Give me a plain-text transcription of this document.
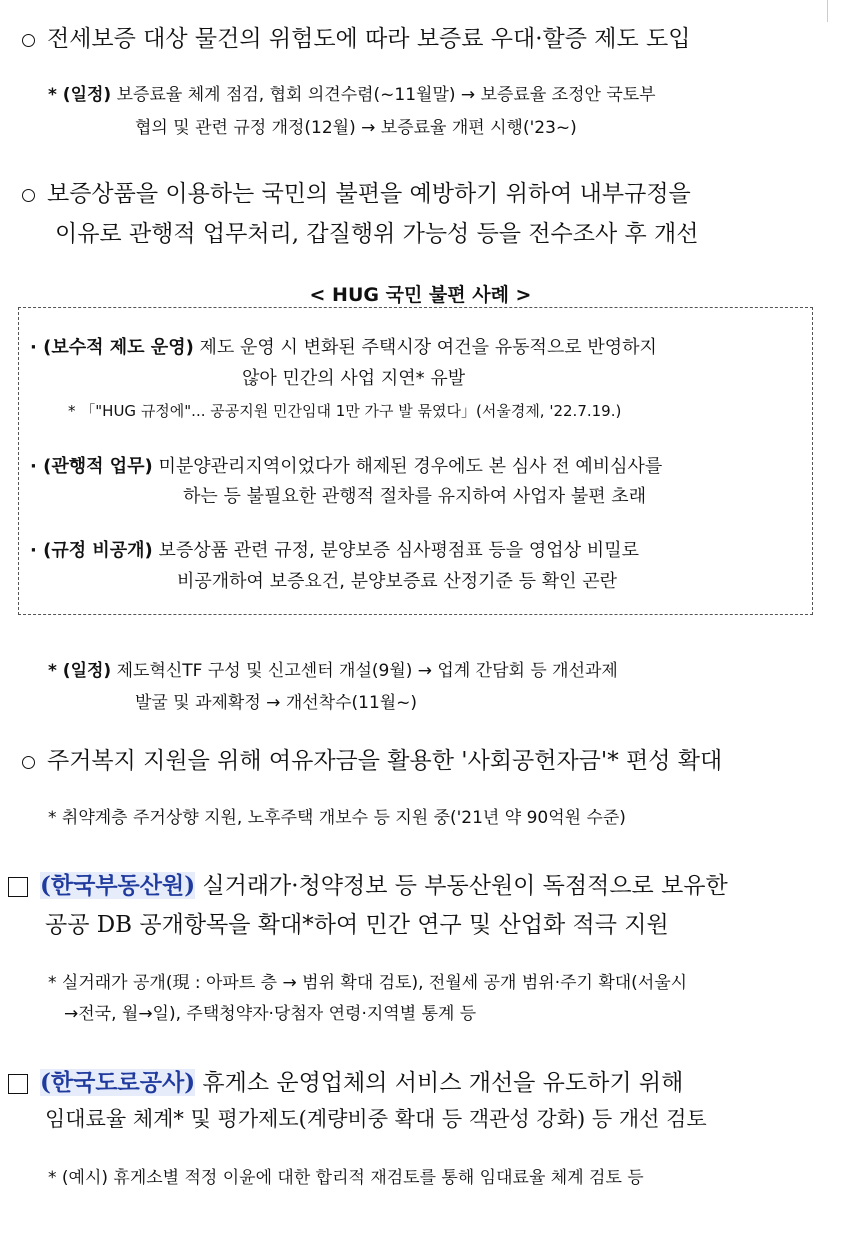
전세보증 대상 물건의 위험도에 따라 보증료 우대·할증 제도 도입
* (일정) 보증료율 체계 점검, 협회 의견수렴(~11월말) → 보증료율 조정안 국토부
협의 및 관련 규정 개정(12월) → 보증료율 개편 시행('23~)
보증상품을 이용하는 국민의 불편을 예방하기 위하여 내부규정을
이유로 관행적 업무처리, 갑질행위 가능성 등을 전수조사 후 개선
< HUG 국민 불편 사례 >
· (보수적 제도 운영) 제도 운영 시 변화된 주택시장 여건을 유동적으로 반영하지
않아 민간의 사업 지연* 유발
* 「"HUG 규정에"... 공공지원 민간임대 1만 가구 발 묶였다」(서울경제, '22.7.19.)
· (관행적 업무) 미분양관리지역이었다가 해제된 경우에도 본 심사 전 예비심사를
하는 등 불필요한 관행적 절차를 유지하여 사업자 불편 초래
· (규정 비공개) 보증상품 관련 규정, 분양보증 심사평점표 등을 영업상 비밀로
비공개하여 보증요건, 분양보증료 산정기준 등 확인 곤란
* (일정) 제도혁신TF 구성 및 신고센터 개설(9월) → 업계 간담회 등 개선과제
발굴 및 과제확정 → 개선착수(11월~)
주거복지 지원을 위해 여유자금을 활용한 '사회공헌자금'* 편성 확대
* 취약계층 주거상향 지원, 노후주택 개보수 등 지원 중('21년 약 90억원 수준)
(한국부동산원) 실거래가·청약정보 등 부동산원이 독점적으로 보유한
공공 DB 공개항목을 확대*하여 민간 연구 및 산업화 적극 지원
* 실거래가 공개(現 : 아파트 층 → 범위 확대 검토), 전월세 공개 범위·주기 확대(서울시
→전국, 월→일), 주택청약자·당첨자 연령·지역별 통계 등
(한국도로공사) 휴게소 운영업체의 서비스 개선을 유도하기 위해
임대료율 체계* 및 평가제도(계량비중 확대 등 객관성 강화) 등 개선 검토
* (예시) 휴게소별 적정 이윤에 대한 합리적 재검토를 통해 임대료율 체계 검토 등
